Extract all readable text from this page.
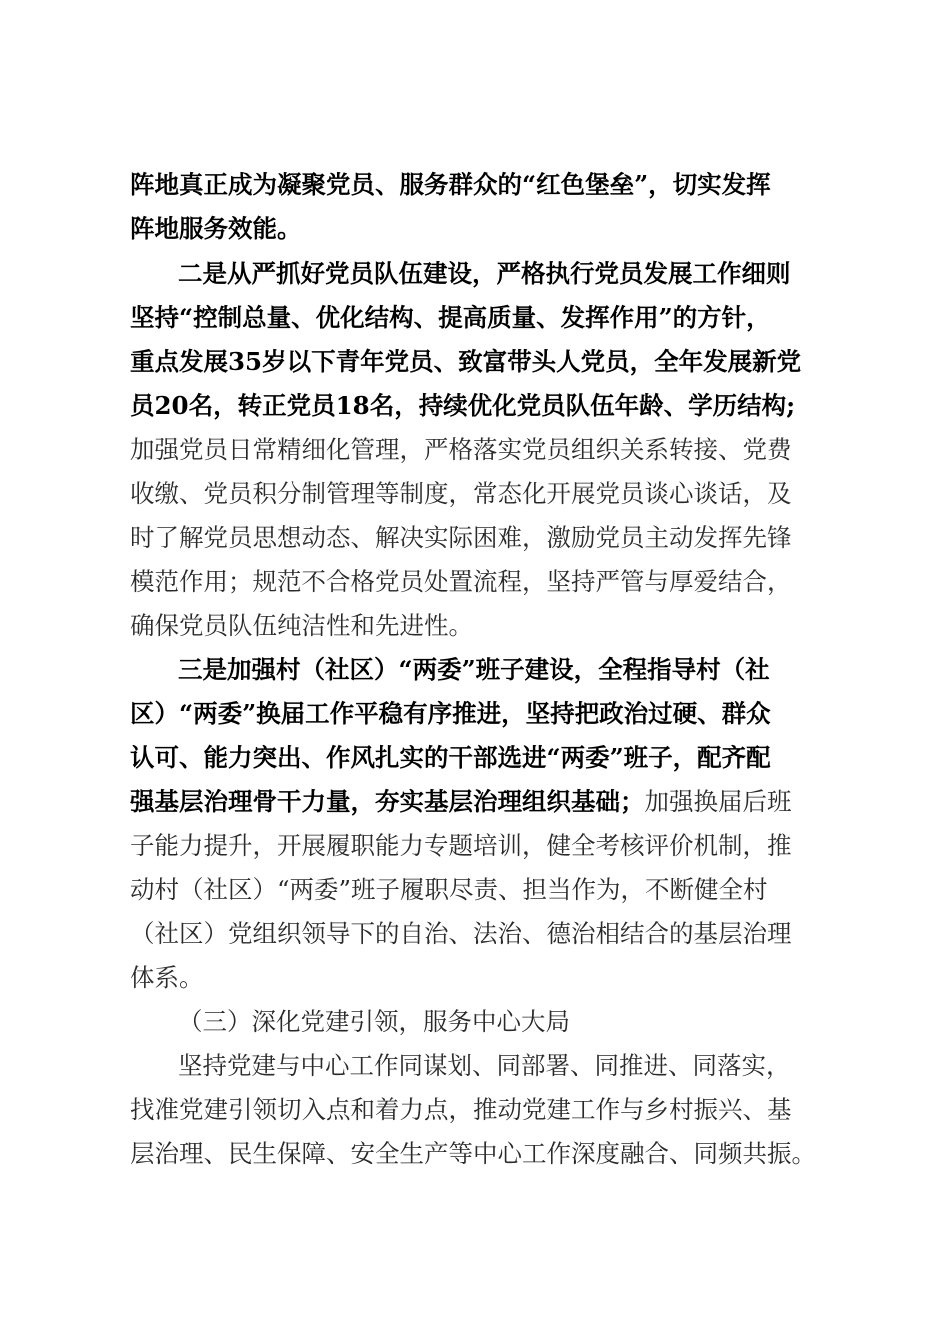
阵地真正成为凝聚党员、服务群众的“红色堡垒”，切实发挥
阵地服务效能。
二是从严抓好党员队伍建设，严格执行党员发展工作细则
坚持“控制总量、优化结构、提高质量、发挥作用”的方针，
重点发展35岁以下青年党员、致富带头人党员，全年发展新党
员20名，转正党员18名，持续优化党员队伍年龄、学历结构;
加强党员日常精细化管理，严格落实党员组织关系转接、党费
收缴、党员积分制管理等制度，常态化开展党员谈心谈话，及
时了解党员思想动态、解决实际困难，激励党员主动发挥先锋
模范作用；规范不合格党员处置流程，坚持严管与厚爱结合，
确保党员队伍纯洁性和先进性。
三是加强村（社区）“两委”班子建设，全程指导村（社
区）“两委”换届工作平稳有序推进，坚持把政治过硬、群众
认可、能力突出、作风扎实的干部选进“两委”班子，配齐配
强基层治理骨干力量，夯实基层治理组织基础；加强换届后班
子能力提升，开展履职能力专题培训，健全考核评价机制，推
动村（社区）“两委”班子履职尽责、担当作为，不断健全村
（社区）党组织领导下的自治、法治、德治相结合的基层治理
体系。
（三）深化党建引领，服务中心大局
坚持党建与中心工作同谋划、同部署、同推进、同落实，
找准党建引领切入点和着力点，推动党建工作与乡村振兴、基
层治理、民生保障、安全生产等中心工作深度融合、同频共振。
